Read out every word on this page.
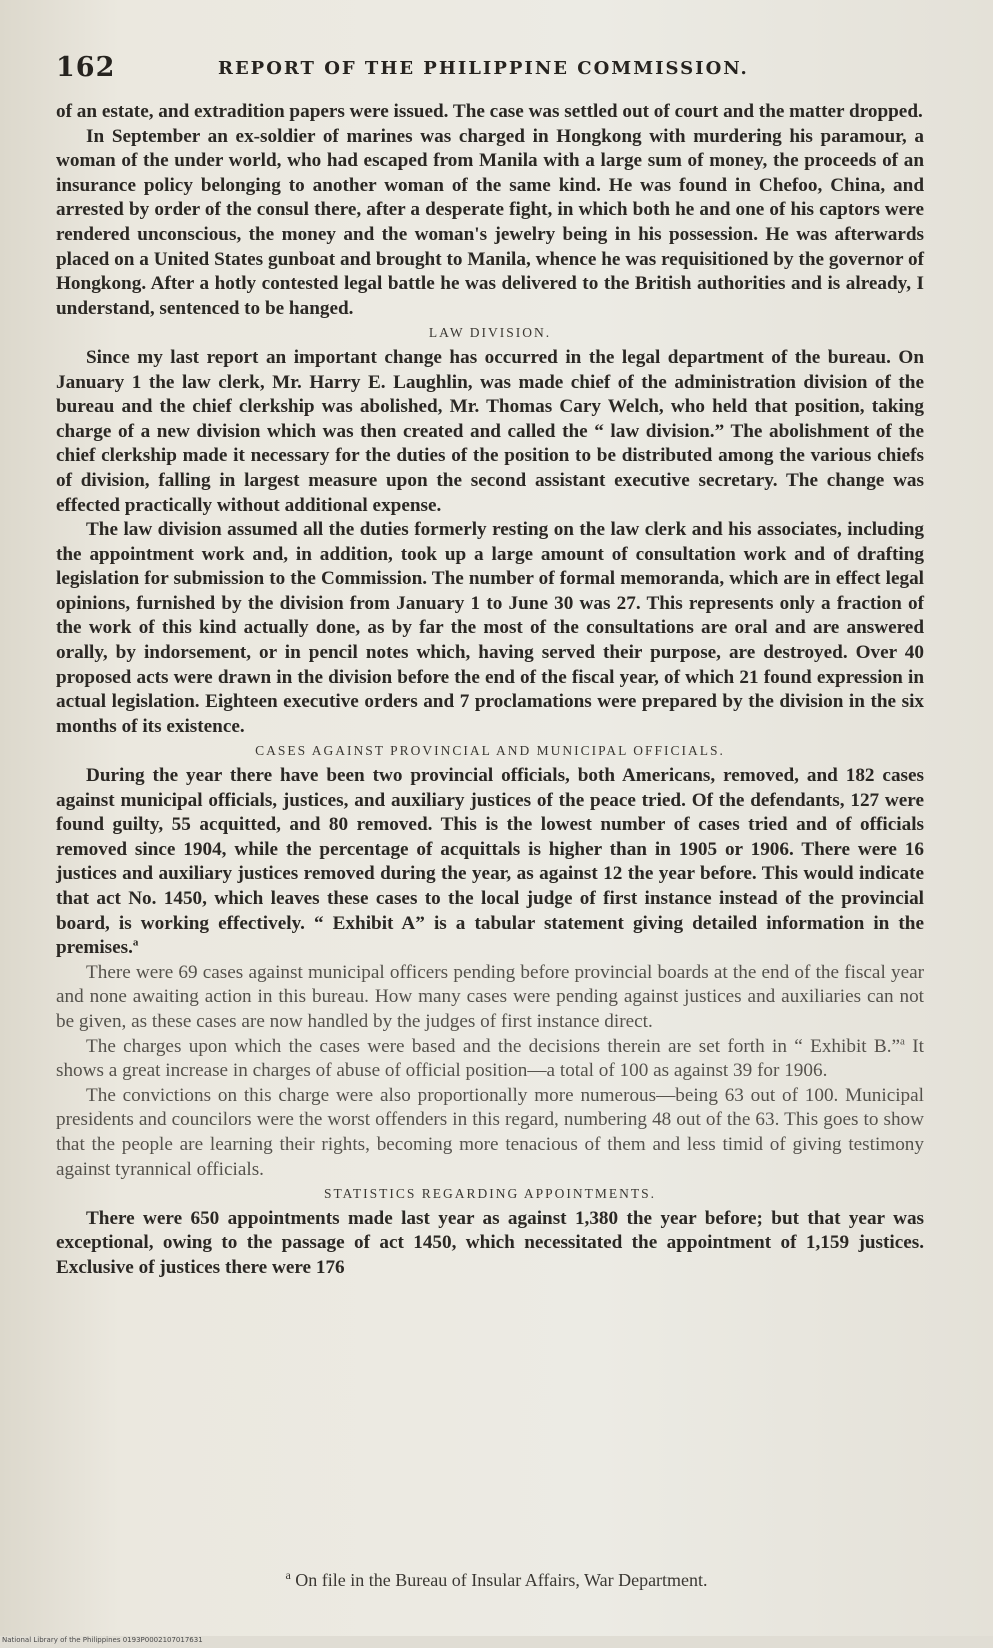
162	REPORT OF THE PHILIPPINE COMMISSION.

of an estate, and extradition papers were issued. The case was settled out of court and the matter dropped.

In September an ex-soldier of marines was charged in Hongkong with murdering his paramour, a woman of the under world, who had escaped from Manila with a large sum of money, the proceeds of an insurance policy belonging to another woman of the same kind. He was found in Chefoo, China, and arrested by order of the consul there, after a desperate fight, in which both he and one of his captors were rendered unconscious, the money and the woman's jewelry being in his possession. He was afterwards placed on a United States gunboat and brought to Manila, whence he was requisitioned by the governor of Hongkong. After a hotly contested legal battle he was delivered to the British authorities and is already, I understand, sentenced to be hanged.

LAW DIVISION.

Since my last report an important change has occurred in the legal department of the bureau. On January 1 the law clerk, Mr. Harry E. Laughlin, was made chief of the administration division of the bureau and the chief clerkship was abolished, Mr. Thomas Cary Welch, who held that position, taking charge of a new division which was then created and called the “ law division.” The abolishment of the chief clerkship made it necessary for the duties of the position to be distributed among the various chiefs of division, falling in largest measure upon the second assistant executive secretary. The change was effected practically without additional expense.

The law division assumed all the duties formerly resting on the law clerk and his associates, including the appointment work and, in addition, took up a large amount of consultation work and of drafting legislation for submission to the Commission. The number of formal memoranda, which are in effect legal opinions, furnished by the division from January 1 to June 30 was 27. This represents only a fraction of the work of this kind actually done, as by far the most of the consultations are oral and are answered orally, by indorsement, or in pencil notes which, having served their purpose, are destroyed. Over 40 proposed acts were drawn in the division before the end of the fiscal year, of which 21 found expression in actual legislation. Eighteen executive orders and 7 proclamations were prepared by the division in the six months of its existence.

CASES AGAINST PROVINCIAL AND MUNICIPAL OFFICIALS.

During the year there have been two provincial officials, both Americans, removed, and 182 cases against municipal officials, justices, and auxiliary justices of the peace tried. Of the defendants, 127 were found guilty, 55 acquitted, and 80 removed. This is the lowest number of cases tried and of officials removed since 1904, while the percentage of acquittals is higher than in 1905 or 1906. There were 16 justices and auxiliary justices removed during the year, as against 12 the year before. This would indicate that act No. 1450, which leaves these cases to the local judge of first instance instead of the provincial board, is working effectively. “ Exhibit A” is a tabular statement giving detailed information in the premises.$^a$

There were 69 cases against municipal officers pending before provincial boards at the end of the fiscal year and none awaiting action in this bureau. How many cases were pending against justices and auxiliaries can not be given, as these cases are now handled by the judges of first instance direct.

The charges upon which the cases were based and the decisions therein are set forth in “ Exhibit B.”$^a$ It shows a great increase in charges of abuse of official position—a total of 100 as against 39 for 1906.

The convictions on this charge were also proportionally more numerous—being 63 out of 100. Municipal presidents and councilors were the worst offenders in this regard, numbering 48 out of the 63. This goes to show that the people are learning their rights, becoming more tenacious of them and less timid of giving testimony against tyrannical officials.

STATISTICS REGARDING APPOINTMENTS.

There were 650 appointments made last year as against 1,380 the year before; but that year was exceptional, owing to the passage of act 1450, which necessitated the appointment of 1,159 justices. Exclusive of justices there were 176

$^a$ On file in the Bureau of Insular Affairs, War Department.
National Library of the Philippines 0193P0002107017631
